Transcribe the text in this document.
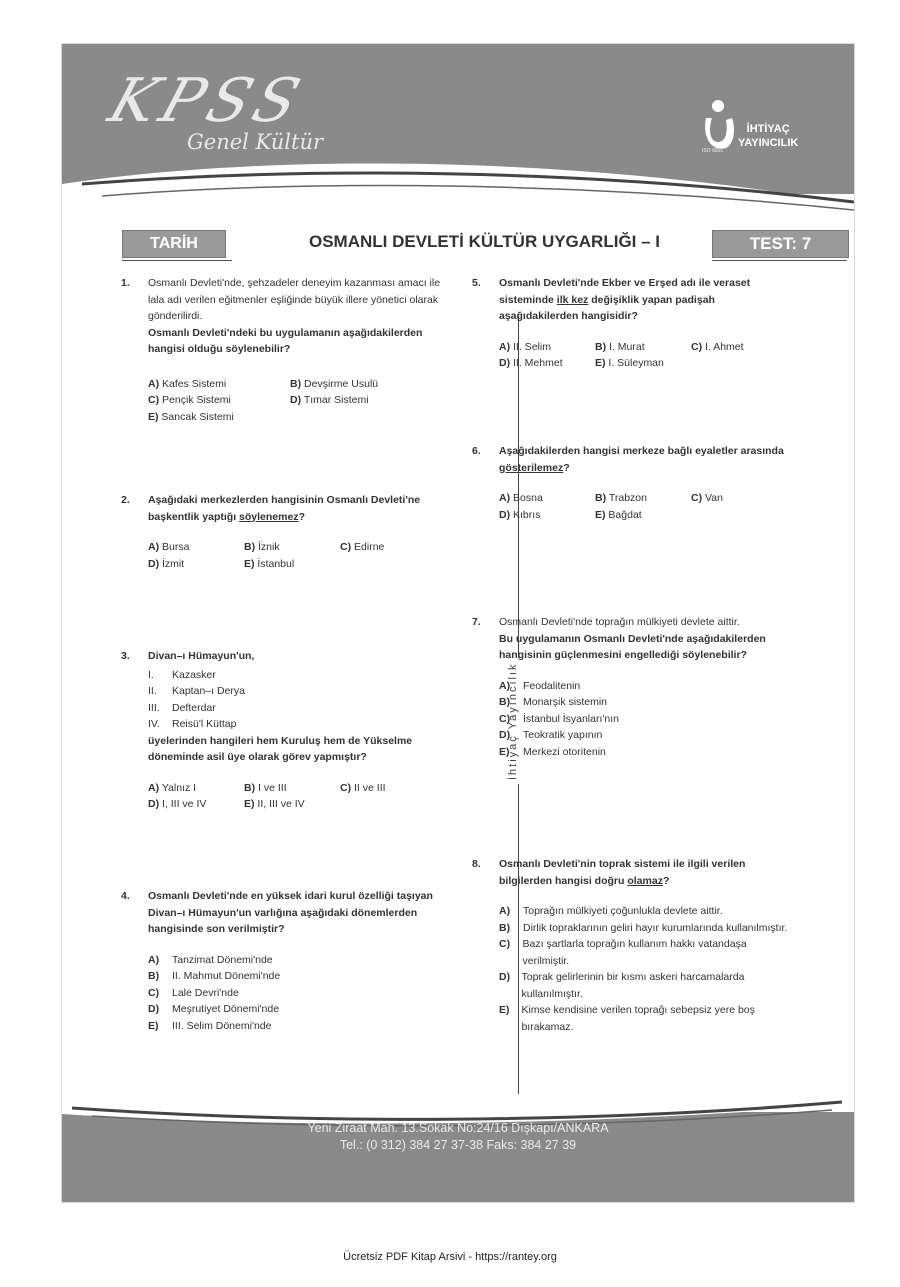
KPSS
Genel Kültür
İHTİYAÇ
YAYINCILIK
ISO 9001
OSMANLI DEVLETİ KÜLTÜR UYGARLIĞI – I
TARİH	TEST: 7
İhtiyaç Yayıncılık
1. Osmanlı Devleti'nde, şehzadeler deneyim kazanması amacı ile lala adı verilen eğitmenler eşliğinde büyük illere yönetici olarak gönderilirdi.

Osmanlı Devleti'ndeki bu uygulamanın aşağıdakilerden hangisi olduğu söylenebilir?

A) Kafes Sistemi	B) Devşirme Usulü
C) Pençik Sistemi	D) Tımar Sistemi
E) Sancak Sistemi
2. Aşağıdaki merkezlerden hangisinin Osmanlı Devleti'ne başkentlik yaptığı söylenemez?

A) Bursa	B) İznik	C) Edirne
D) İzmit	E) İstanbul
3. Divan–ı Hümayun'un,

I.	Kazasker
II.	Kaptan–ı Derya
III.	Defterdar
IV.	Reisü'l Küttap

üyelerinden hangileri hem Kuruluş hem de Yükselme döneminde asil üye olarak görev yapmıştır?

A) Yalnız I	B) I ve III	C) II ve III
D) I, III ve IV	E) II, III ve IV
4. Osmanlı Devleti'nde en yüksek idari kurul özelliği taşıyan Divan–ı Hümayun'un varlığına aşağıdaki dönemlerden hangisinde son verilmiştir?

A)	Tanzimat Dönemi'nde
B)	II. Mahmut Dönemi'nde
C)	Lale Devri'nde
D)	Meşrutiyet Dönemi'nde
E)	III. Selim Dönemi'nde
5. Osmanlı Devleti'nde Ekber ve Erşed adı ile veraset sisteminde ilk kez değişiklik yapan padişah aşağıdakilerden hangisidir?

A) II. Selim	B) I. Murat	C) I. Ahmet
D) II. Mehmet	E) I. Süleyman
6. Aşağıdakilerden hangisi merkeze bağlı eyaletler arasında gösterilemez?

A) Bosna	B) Trabzon	C) Van
D) Kıbrıs	E) Bağdat
7. Osmanlı Devleti'nde toprağın mülkiyeti devlete aittir.

Bu uygulamanın Osmanlı Devleti'nde aşağıdakilerden hangisinin güçlenmesini engellediği söylenebilir?

A)	Feodalitenin
B)	Monarşik sistemin
C)	İstanbul İsyanları'nın
D)	Teokratik yapının
E)	Merkezi otoritenin
8. Osmanlı Devleti'nin toprak sistemi ile ilgili verilen bilgilerden hangisi doğru olamaz?

A)	Toprağın mülkiyeti çoğunlukla devlete aittir.
B)	Dirlik topraklarının geliri hayır kurumlarında kullanılmıştır.
C)	Bazı şartlarla toprağın kullanım hakkı vatandaşa verilmiştir.
D)	Toprak gelirlerinin bir kısmı askeri harcamalarda kullanılmıştır.
E)	Kimse kendisine verilen toprağı sebepsiz yere boş bırakamaz.
Yeni Ziraat Mah. 13.Sokak No:24/16 Dışkapı/ANKARA
Tel.: (0 312) 384 27 37-38 Faks: 384 27 39
Ücretsiz PDF Kitap Arsivi - https://rantey.org
